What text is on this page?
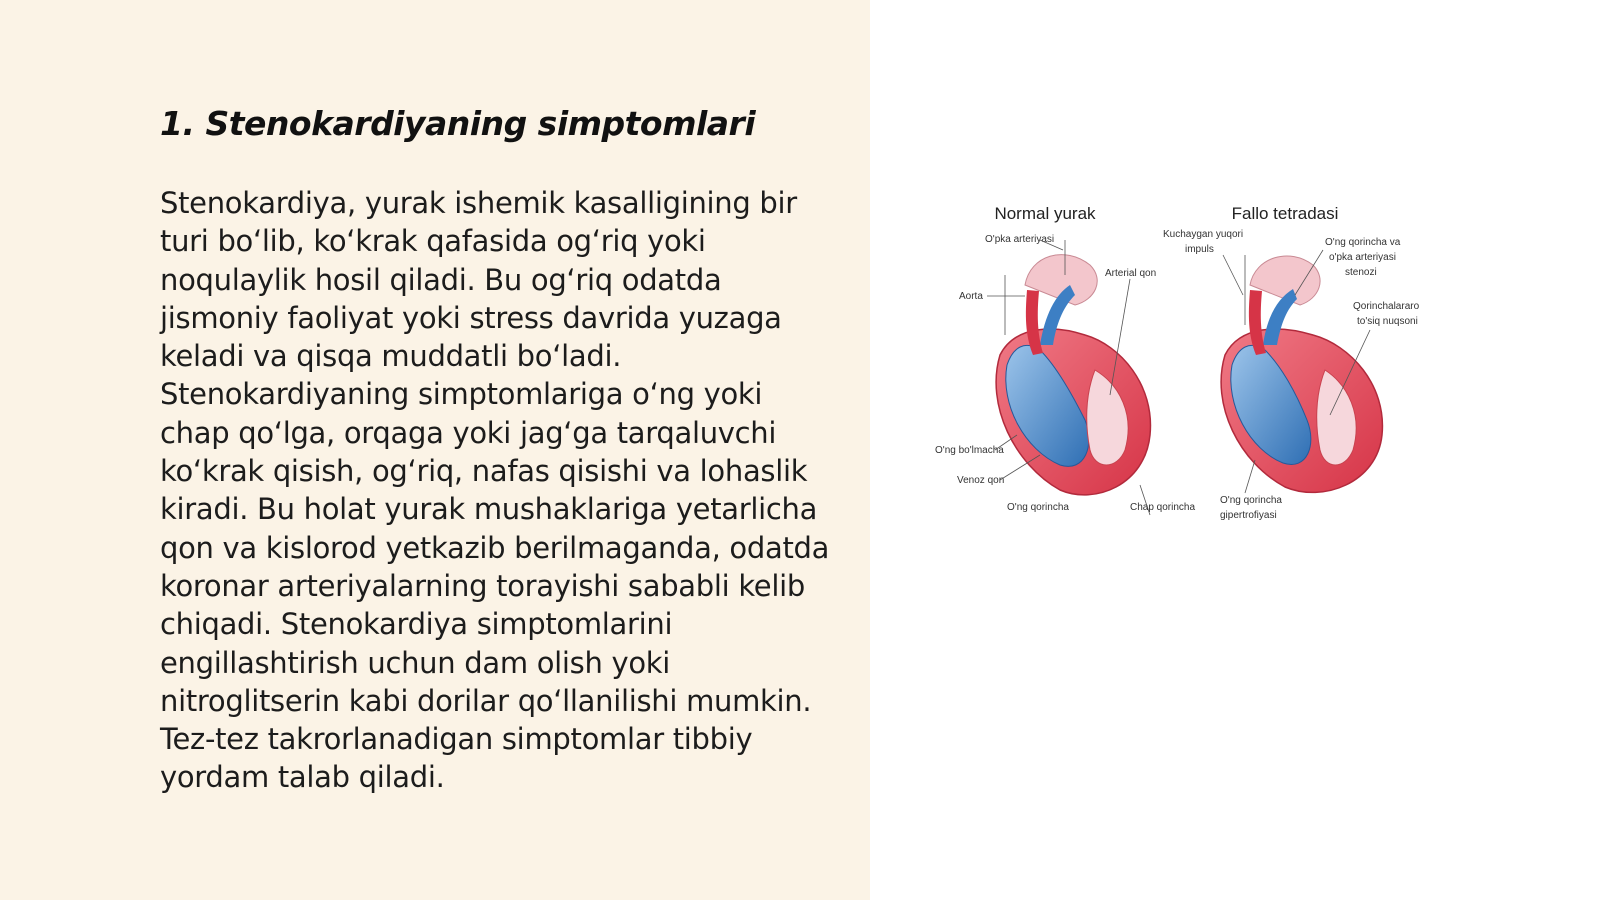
1. Stenokardiyaning simptomlari

Stenokardiya, yurak ishemik kasalligining bir turi bo‘lib, ko‘krak qafasida og‘riq yoki noqulaylik hosil qiladi. Bu og‘riq odatda jismoniy faoliyat yoki stress davrida yuzaga keladi va qisqa muddatli bo‘ladi. Stenokardiyaning simptomlariga o‘ng yoki chap qo‘lga, orqaga yoki jag‘ga tarqaluvchi ko‘krak qisish, og‘riq, nafas qisishi va lohaslik kiradi. Bu holat yurak mushaklariga yetarlicha qon va kislorod yetkazib berilmaganda, odatda koronar arteriyalarning torayishi sababli kelib chiqadi. Stenokardiya simptomlarini engillashtirish uchun dam olish yoki nitroglitserin kabi dorilar qo‘llanilishi mumkin. Tez-tez takrorlanadigan simptomlar tibbiy yordam talab qiladi.

Normal yurak	Fallo tetradasi
O'pka arteriyasi
Aorta
Arterial qon
O'ng bo'lmacha
Venoz qon
O'ng qorincha	Chap qorincha
Kuchaygan yuqori
impuls
O'ng qorincha va
o'pka arteriyasi
stenozi
Qorinchalararo
to'siq nuqsoni
O'ng qorincha
gipertrofiyasi
